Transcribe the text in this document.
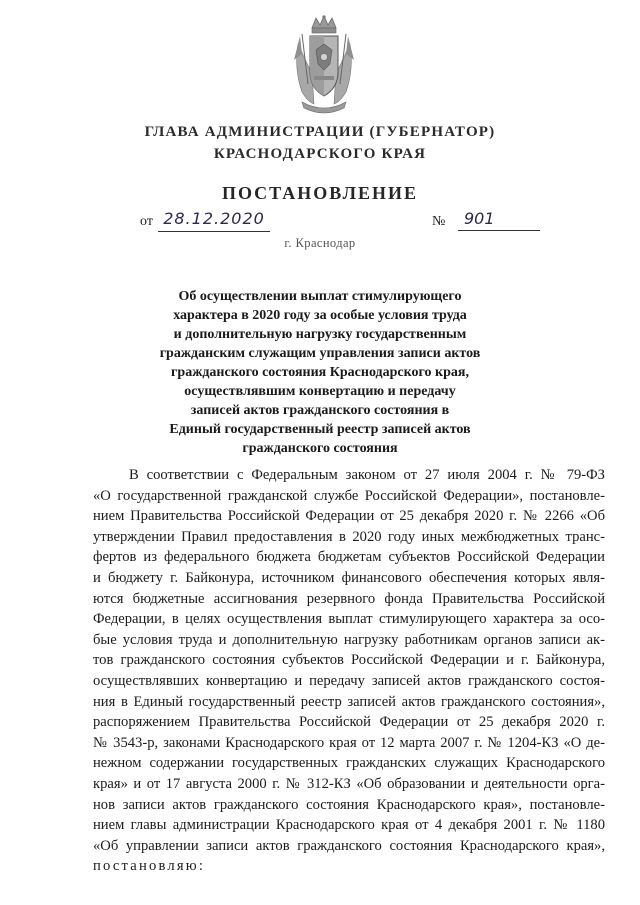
ГЛАВА АДМИНИСТРАЦИИ (ГУБЕРНАТОР)
КРАСНОДАРСКОГО КРАЯ
ПОСТАНОВЛЕНИЕ
от 28.12.2020	№	901
г. Краснодар
Об осуществлении выплат стимулирующего
характера в 2020 году за особые условия труда
и дополнительную нагрузку государственным
гражданским служащим управления записи актов
гражданского состояния Краснодарского края,
осуществлявшим конвертацию и передачу
записей актов гражданского состояния в
Единый государственный реестр записей актов
гражданского состояния
В соответствии с Федеральным законом от 27 июля 2004 г. № 79-ФЗ
«О государственной гражданской службе Российской Федерации», постановле-
нием Правительства Российской Федерации от 25 декабря 2020 г. № 2266 «Об
утверждении Правил предоставления в 2020 году иных межбюджетных транс-
фертов из федерального бюджета бюджетам субъектов Российской Федерации
и бюджету г. Байконура, источником финансового обеспечения которых явля-
ются бюджетные ассигнования резервного фонда Правительства Российской
Федерации, в целях осуществления выплат стимулирующего характера за осо-
бые условия труда и дополнительную нагрузку работникам органов записи ак-
тов гражданского состояния субъектов Российской Федерации и г. Байконура,
осуществлявших конвертацию и передачу записей актов гражданского состоя-
ния в Единый государственный реестр записей актов гражданского состояния»,
распоряжением Правительства Российской Федерации от 25 декабря 2020 г.
№ 3543-р, законами Краснодарского края от 12 марта 2007 г. № 1204-КЗ «О де-
нежном содержании государственных гражданских служащих Краснодарского
края» и от 17 августа 2000 г. № 312-КЗ «Об образовании и деятельности орга-
нов записи актов гражданского состояния Краснодарского края», постановле-
нием главы администрации Краснодарского края от 4 декабря 2001 г. № 1180
«Об управлении записи актов гражданского состояния Краснодарского края»,
постановляю:
